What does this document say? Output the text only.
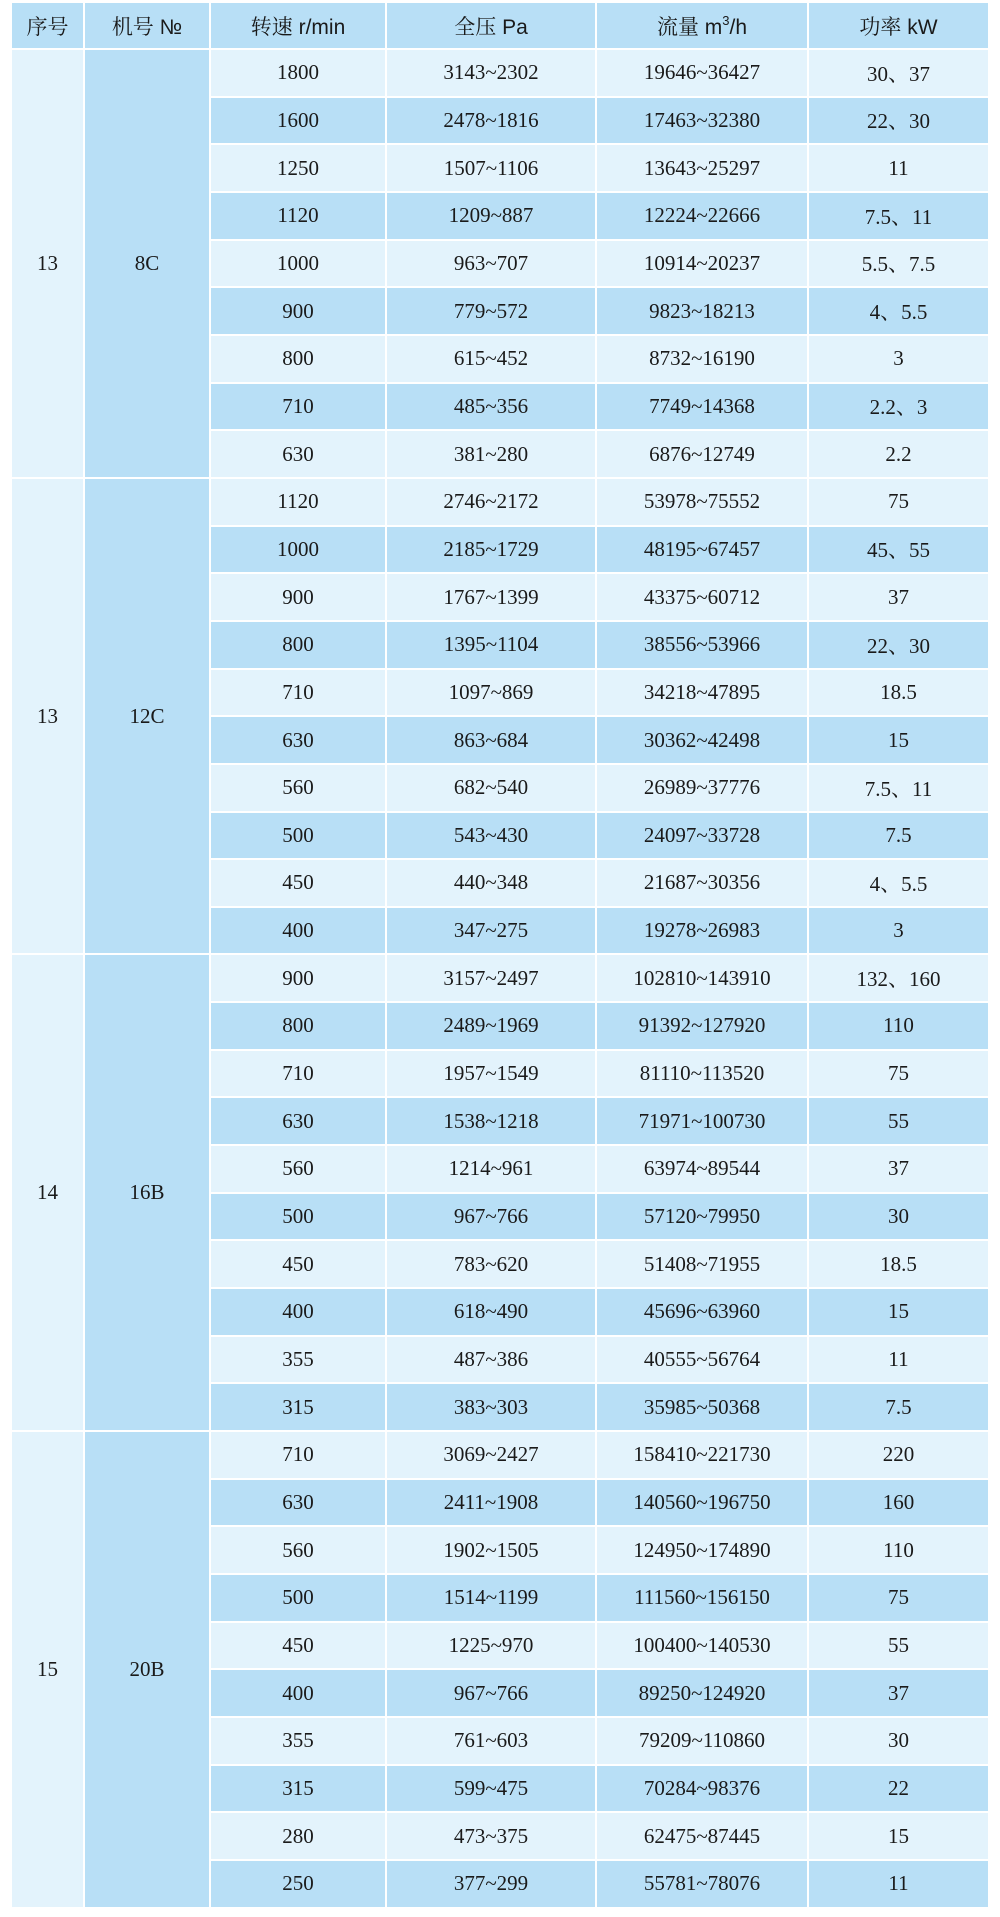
序号	机号 №	转速 r/min	全压 Pa	流量 $m^3/h$	功率 kW
13	8C	1800	3143~2302	19646~36427	30、37
		1600	2478~1816	17463~32380	22、30
		1250	1507~1106	13643~25297	11
		1120	1209~887	12224~22666	7.5、11
		1000	963~707	10914~20237	5.5、7.5
		900	779~572	9823~18213	4、5.5
		800	615~452	8732~16190	3
		710	485~356	7749~14368	2.2、3
		630	381~280	6876~12749	2.2
13	12C	1120	2746~2172	53978~75552	75
		1000	2185~1729	48195~67457	45、55
		900	1767~1399	43375~60712	37
		800	1395~1104	38556~53966	22、30
		710	1097~869	34218~47895	18.5
		630	863~684	30362~42498	15
		560	682~540	26989~37776	7.5、11
		500	543~430	24097~33728	7.5
		450	440~348	21687~30356	4、5.5
		400	347~275	19278~26983	3
14	16B	900	3157~2497	102810~143910	132、160
		800	2489~1969	91392~127920	110
		710	1957~1549	81110~113520	75
		630	1538~1218	71971~100730	55
		560	1214~961	63974~89544	37
		500	967~766	57120~79950	30
		450	783~620	51408~71955	18.5
		400	618~490	45696~63960	15
		355	487~386	40555~56764	11
		315	383~303	35985~50368	7.5
15	20B	710	3069~2427	158410~221730	220
		630	2411~1908	140560~196750	160
		560	1902~1505	124950~174890	110
		500	1514~1199	111560~156150	75
		450	1225~970	100400~140530	55
		400	967~766	89250~124920	37
		355	761~603	79209~110860	30
		315	599~475	70284~98376	22
		280	473~375	62475~87445	15
		250	377~299	55781~78076	11
